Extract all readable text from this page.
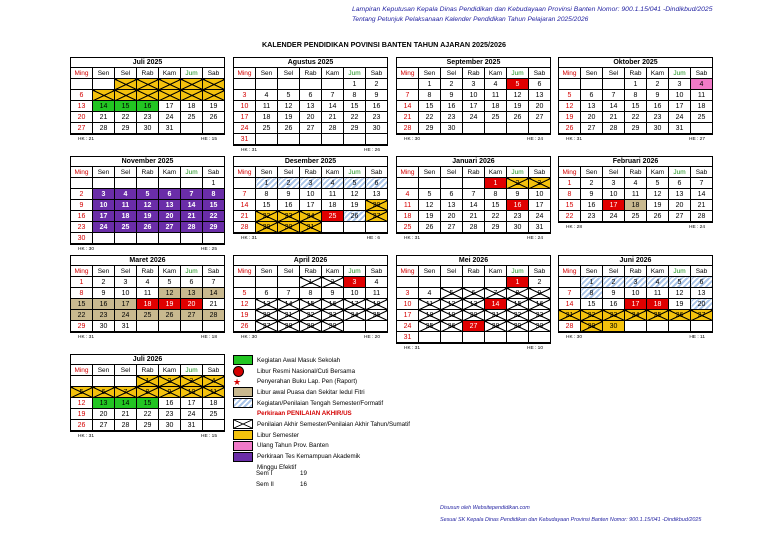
Lampiran Keputusan Kepala Dinas Pendidikan dan Kebudayaan Provinsi Banten Nomor: 900.1.15/041 -Dindikbud/2025
Tentang Petunjuk Pelaksanaan Kalender Pendidikan Tahun Pelajaran 2025/2026
KALENDER PENDIDIKAN POVINSI BANTEN TAHUN AJARAN 2025/2026
Juli 2025						
Ming	Sen	Sel	Rab	Kam	Jum	Sab

6						
13	14	15	16	17	18	19
20	21	22	23	24	25	26
27	28	29	30	31		
HK : 21	HE : 15
Agustus 2025						
Ming	Sen	Sel	Rab	Kam	Jum	Sab
					1	2
3	4	5	6	7	8	9
10	11	12	13	14	15	16
17	18	19	20	21	22	23
24	25	26	27	28	29	30
31						
HK : 31	HE : 26
September 2025						
Ming	Sen	Sel	Rab	Kam	Jum	Sab
	1	2	3	4	5	6
7	8	9	10	11	12	13
14	15	16	17	18	19	20
21	22	23	24	25	26	27
28	29	30				
HK : 30	HE : 24
Oktober 2025						
Ming	Sen	Sel	Rab	Kam	Jum	Sab
			1	2	3	4
5	6	7	8	9	10	11
12	13	14	15	16	17	18
19	20	21	22	23	24	25
26	27	28	29	30	31	
HK : 31	HE : 27
November 2025						
Ming	Sen	Sel	Rab	Kam	Jum	Sab
						1
2	3	4	5	6	7	8
9	10	11	12	13	14	15
16	17	18	19	20	21	22
23	24	25	26	27	28	29
30						
HK : 30	HE : 25
Desember 2025						
Ming	Sen	Sel	Rab	Kam	Jum	Sab
	1	2	3	4	5	6
7	8	9	10	11	12	13
14	15	16	17	18	19	20
21	22	23	24	25	26	27
28	29	30	31			
HK : 31	HE : 6
Januari 2026						
Ming	Sen	Sel	Rab	Kam	Jum	Sab
				1	2	3
4	5	6	7	8	9	10
11	12	13	14	15	16	17
18	19	20	21	22	23	24
25	26	27	28	29	30	31
HK : 31	HE : 24
Februari 2026						
Ming	Sen	Sel	Rab	Kam	Jum	Sab
1	2	3	4	5	6	7
8	9	10	11	12	13	14
15	16	17	18	19	20	21
22	23	24	25	26	27	28
HK : 28	HE : 24
Maret 2026						
Ming	Sen	Sel	Rab	Kam	Jum	Sab
1	2	3	4	5	6	7
8	9	10	11	12	13	14
15	16	17	18	19	20	21
22	23	24	25	26	27	28
29	30	31				
HK : 31	HE : 18
April 2026						
Ming	Sen	Sel	Rab	Kam	Jum	Sab
			1	2	3	4
5	6	7	8	9	10	11
12	13	14	15	16	17	18
19	20	21	22	23	24	25
26	27	28	29	30		
HK : 30	HE : 20
Mei 2026						
Ming	Sen	Sel	Rab	Kam	Jum	Sab
					1	2
3	4	5	6	7	8	9
10	11	12	13	14	15	16
17	18	19	20	21	22	23
24	25	26	27	28	29	30
31						
HK : 31	HE : 10
Juni 2026						
Ming	Sen	Sel	Rab	Kam	Jum	Sab
	1	2	3	4	5	6
7	8	9	10	11	12	13
14	15	16	17	18	19	20
21	22	23	24	25	26	27
28	29	30				
HK : 30	HE : 11
Juli 2026						
Ming	Sen	Sel	Rab	Kam	Jum	Sab
			1	2	3	4
5	6	7	8	9	10	11
12	13	14	15	16	17	18
19	20	21	22	23	24	25
26	27	28	29	30	31	
HK : 31	HE : 15
Kegiatan Awal Masuk Sekolah
Libur Resmi Nasional/Cuti Bersama
★	Penyerahan Buku Lap. Pen (Raport)
Libur awal Puasa dan Sekitar Iedul Fitri
Kegiatan/Penilaian Tengah Semester/Formatif
Perkiraan PENILAIAN AKHIR/US
Penilaian Akhir Semester/Penilaian Akhir Tahun/Sumatif
Libur Semester
Ulang Tahun Prov. Banten
Perkiraan Tes Kemampuan Akademik
Minggu Efektif
Sem I	19
Sem II	16
Disusun oleh Websitependidikan.com
Sesuai SK Kepala Dinas Pendidikan dan Kebudayaan Provinsi Banten Nomor: 900.1.15/041 -Dindikbud/2025
